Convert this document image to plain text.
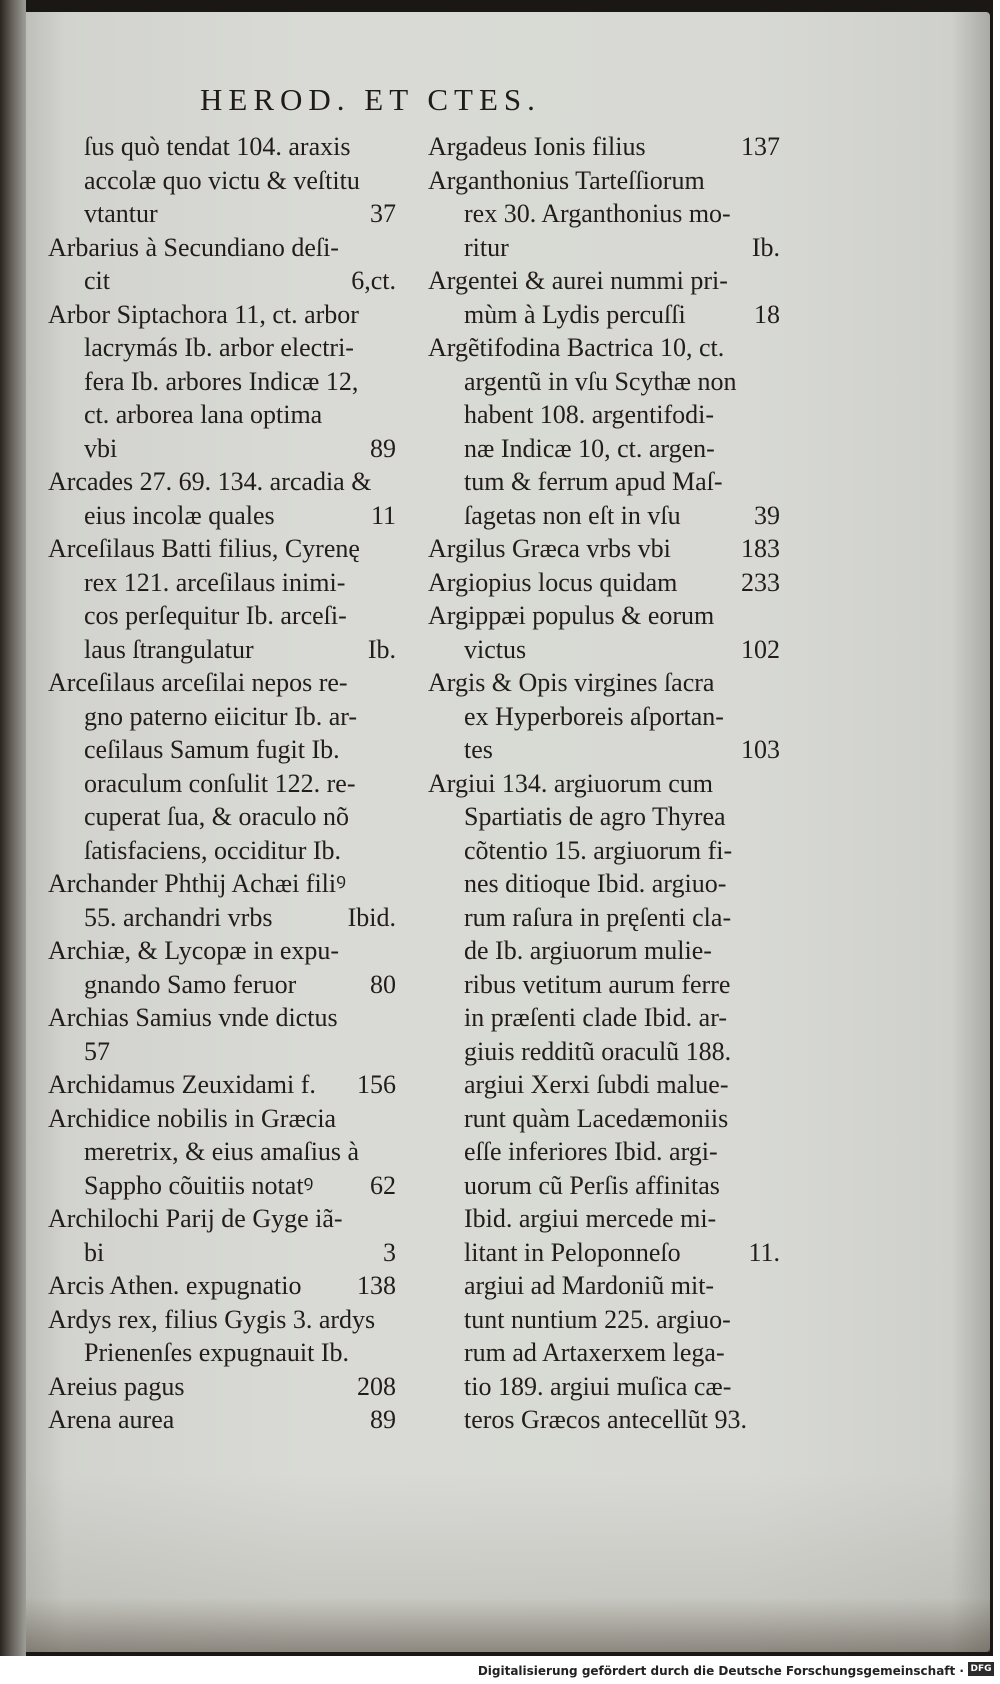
HEROD. ET CTES.
ſus quò tendat 104. araxis
accolæ quo victu & veſtitu
vtantur	37
Arbarius à Secundiano deſi-
cit	6,ct.
Arbor Siptachora 11, ct. arbor
lacrymás Ib. arbor electri-
fera Ib. arbores Indicæ 12,
ct. arborea lana optima
vbi	89
Arcades 27. 69. 134. arcadia &
eius incolæ quales	11
Arceſilaus Batti filius, Cyrenę
rex 121. arceſilaus inimi-
cos perſequitur Ib. arceſi-
laus ſtrangulatur	Ib.
Arceſilaus arceſilai nepos re-
gno paterno eiicitur Ib. ar-
ceſilaus Samum fugit Ib.
oraculum conſulit 122. re-
cuperat ſua, & oraculo nõ
ſatisfaciens, occiditur Ib.
Archander Phthij Achæi filiꝰ
55. archandri vrbs	Ibid.
Archiæ, & Lycopæ in expu-
gnando Samo feruor	80
Archias Samius vnde dictus
57
Archidamus Zeuxidami f.	156
Archidice nobilis in Græcia
meretrix, & eius amaſius à
Sappho cõuitiis notatꝰ	62
Archilochi Parij de Gyge iã-
bi	3
Arcis Athen. expugnatio	138
Ardys rex, filius Gygis 3. ardys
Prienenſes expugnauit Ib.
Areius pagus	208
Arena aurea	89
Argadeus Ionis filius	137
Arganthonius Tarteſſiorum
rex 30. Arganthonius mo-
ritur	Ib.
Argentei & aurei nummi pri-
mùm à Lydis percuſſi	18
Argẽtifodina Bactrica 10, ct.
argentũ in vſu Scythæ non
habent 108. argentifodi-
næ Indicæ 10, ct. argen-
tum & ferrum apud Maſ-
ſagetas non eſt in vſu	39
Argilus Græca vrbs vbi	183
Argiopius locus quidam	233
Argippæi populus & eorum
victus	102
Argis & Opis virgines ſacra
ex Hyperboreis aſportan-
tes	103
Argiui 134. argiuorum cum
Spartiatis de agro Thyrea
cõtentio 15. argiuorum fi-
nes ditioque Ibid. argiuo-
rum raſura in pręſenti cla-
de Ib. argiuorum mulie-
ribus vetitum aurum ferre
in præſenti clade Ibid. ar-
giuis redditũ oraculũ 188.
argiui Xerxi ſubdi malue-
runt quàm Lacedæmoniis
eſſe inferiores Ibid. argi-
uorum cũ Perſis affinitas
Ibid. argiui mercede mi-
litant in Peloponneſo	11.
argiui ad Mardoniũ mit-
tunt nuntium 225. argiuo-
rum ad Artaxerxem lega-
tio 189. argiui muſica cæ-
teros Græcos antecellũt 93.
Digitalisierung gefördert durch die Deutsche Forschungsgemeinschaft · DFG
